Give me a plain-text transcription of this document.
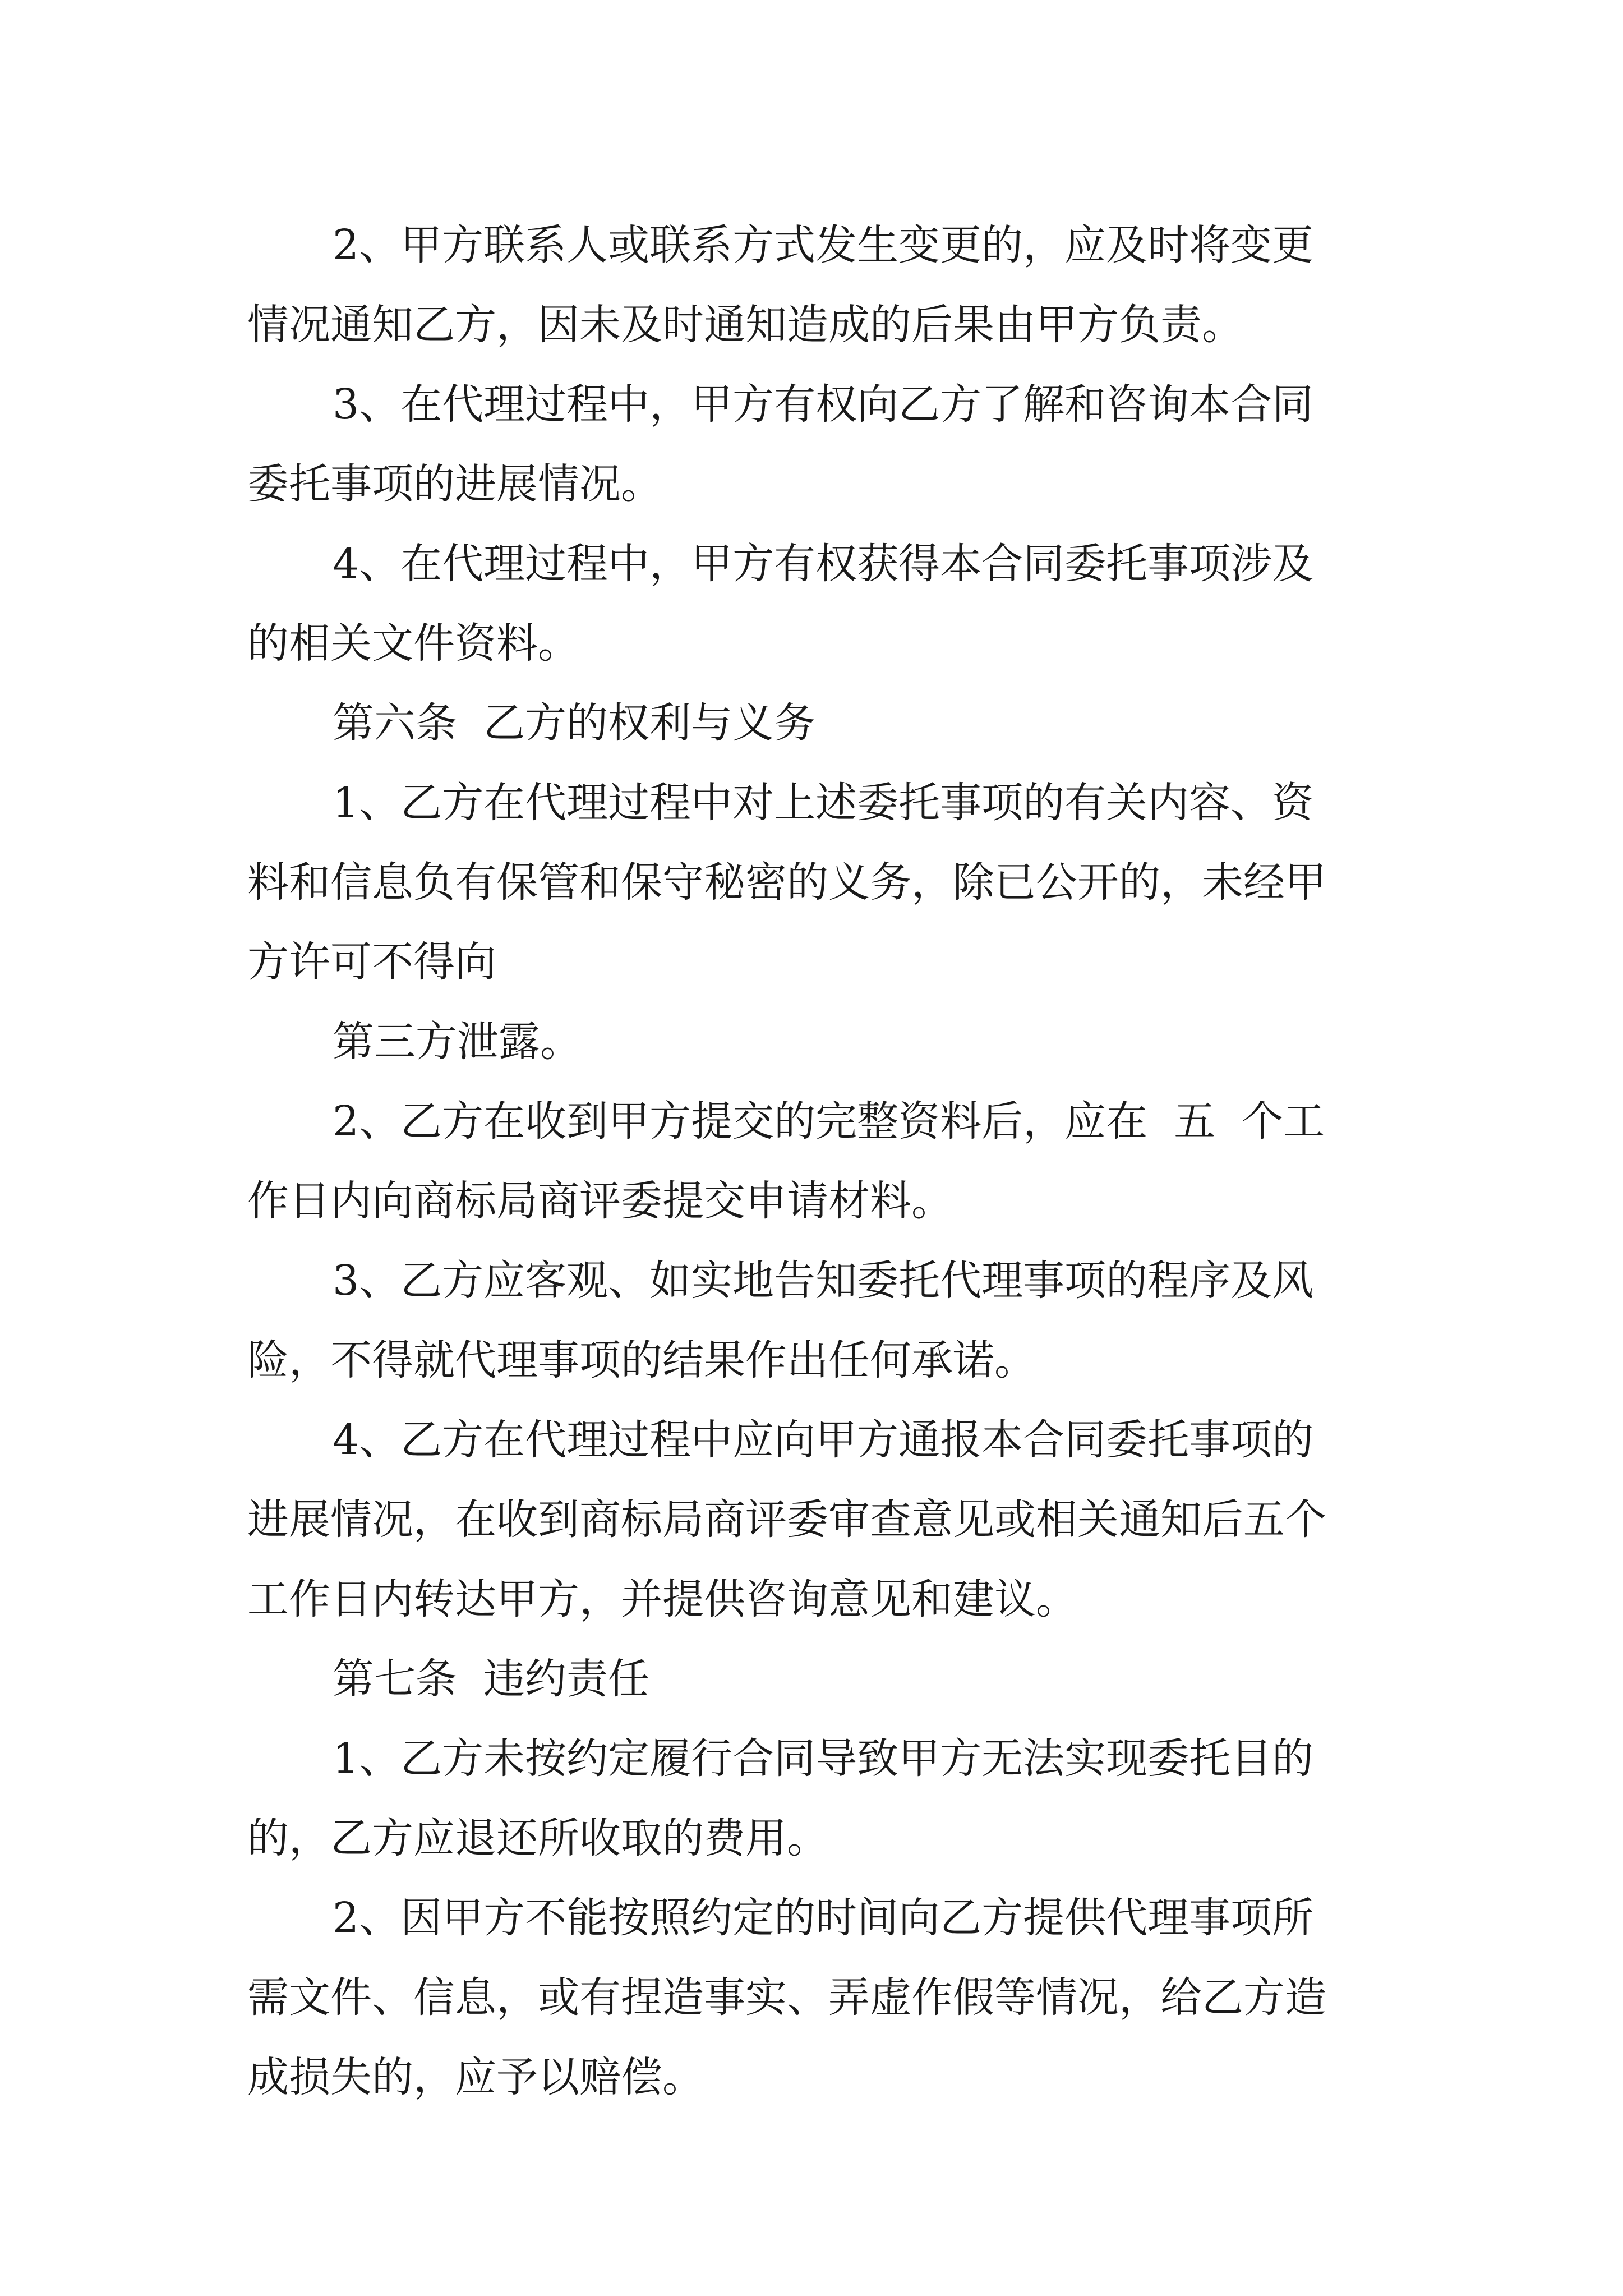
2、甲方联系人或联系方式发生变更的，应及时将变更
情况通知乙方，因未及时通知造成的后果由甲方负责。

3、在代理过程中，甲方有权向乙方了解和咨询本合同
委托事项的进展情况。

4、在代理过程中，甲方有权获得本合同委托事项涉及
的相关文件资料。

第六条  乙方的权利与义务

1、乙方在代理过程中对上述委托事项的有关内容、资
料和信息负有保管和保守秘密的义务，除已公开的，未经甲
方许可不得向

第三方泄露。

2、乙方在收到甲方提交的完整资料后，应在  五  个工
作日内向商标局商评委提交申请材料。

3、乙方应客观、如实地告知委托代理事项的程序及风
险，不得就代理事项的结果作出任何承诺。

4、乙方在代理过程中应向甲方通报本合同委托事项的
进展情况，在收到商标局商评委审查意见或相关通知后五个
工作日内转达甲方，并提供咨询意见和建议。

第七条  违约责任

1、乙方未按约定履行合同导致甲方无法实现委托目的
的，乙方应退还所收取的费用。

2、因甲方不能按照约定的时间向乙方提供代理事项所
需文件、信息，或有捏造事实、弄虚作假等情况，给乙方造
成损失的，应予以赔偿。
